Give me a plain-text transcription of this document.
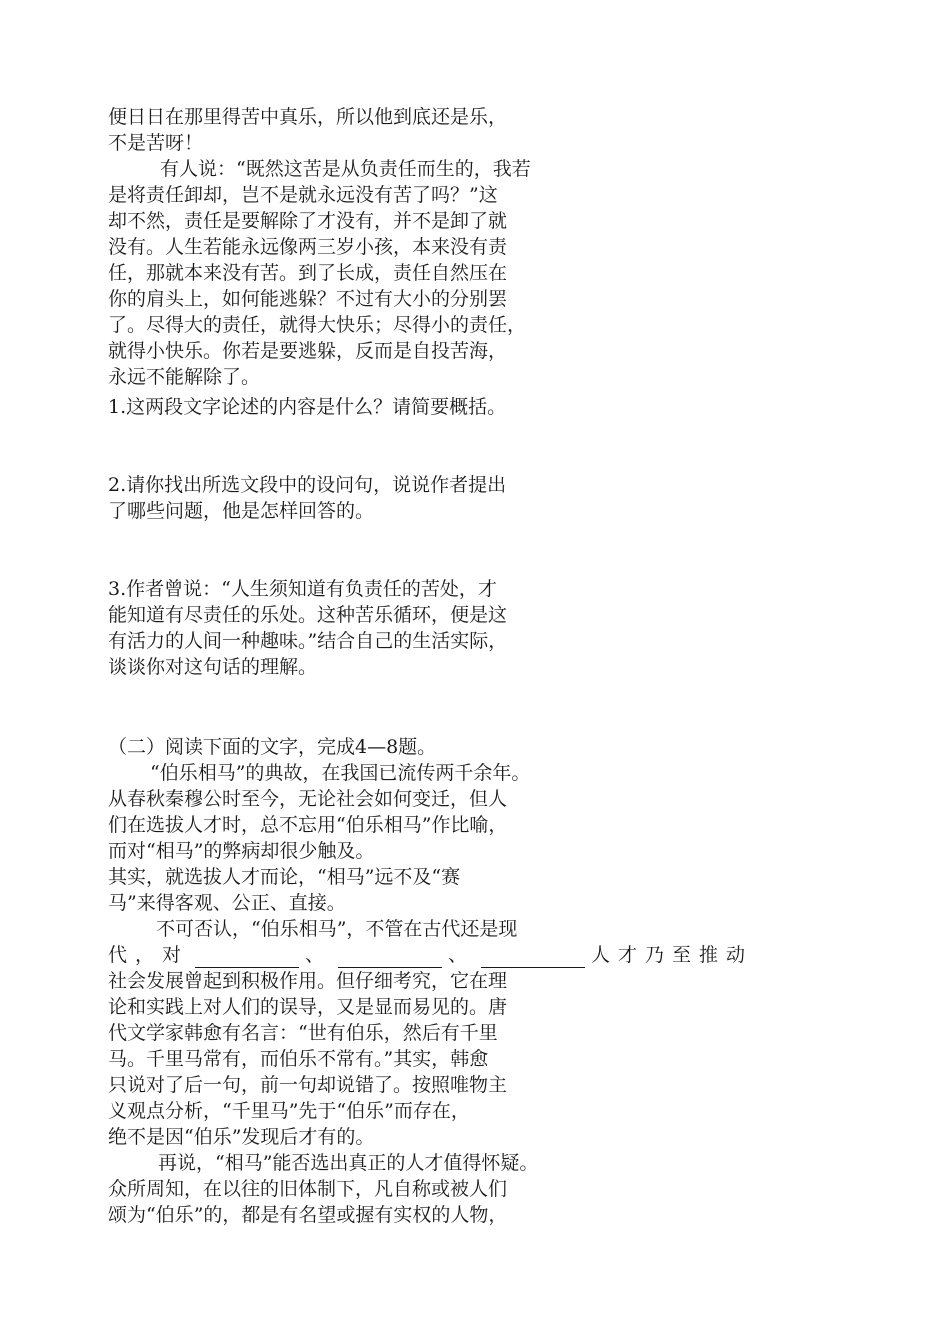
便日日在那里得苦中真乐，所以他到底还是乐，
不是苦呀！
有人说：“既然这苦是从负责任而生的，我若
是将责任卸却，岂不是就永远没有苦了吗？”这
却不然，责任是要解除了才没有，并不是卸了就
没有。人生若能永远像两三岁小孩，本来没有责
任，那就本来没有苦。到了长成，责任自然压在
你的肩头上，如何能逃躲？不过有大小的分别罢
了。尽得大的责任，就得大快乐；尽得小的责任，
就得小快乐。你若是要逃躲，反而是自投苦海，
永远不能解除了。
1.这两段文字论述的内容是什么？请简要概括。
2.请你找出所选文段中的设问句，说说作者提出
了哪些问题，他是怎样回答的。
3.作者曾说：“人生须知道有负责任的苦处，才
能知道有尽责任的乐处。这种苦乐循环，便是这
有活力的人间一种趣味。”结合自己的生活实际，
谈谈你对这句话的理解。
（二）阅读下面的文字，完成4—8题。
“伯乐相马”的典故，在我国已流传两千余年。
从春秋秦穆公时至今，无论社会如何变迁，但人
们在选拔人才时，总不忘用“伯乐相马”作比喻，
而对“相马”的弊病却很少触及。
其实，就选拔人才而论，“相马”远不及“赛
马”来得客观、公正、直接。
不可否认，“伯乐相马”，不管在古代还是现
代，对	、	、	人才乃至推动
社会发展曾起到积极作用。但仔细考究，它在理
论和实践上对人们的误导，又是显而易见的。唐
代文学家韩愈有名言：“世有伯乐，然后有千里
马。千里马常有，而伯乐不常有。”其实，韩愈
只说对了后一句，前一句却说错了。按照唯物主
义观点分析，“千里马”先于“伯乐”而存在，
绝不是因“伯乐”发现后才有的。
再说，“相马”能否选出真正的人才值得怀疑。
众所周知，在以往的旧体制下，凡自称或被人们
颂为“伯乐”的，都是有名望或握有实权的人物，
